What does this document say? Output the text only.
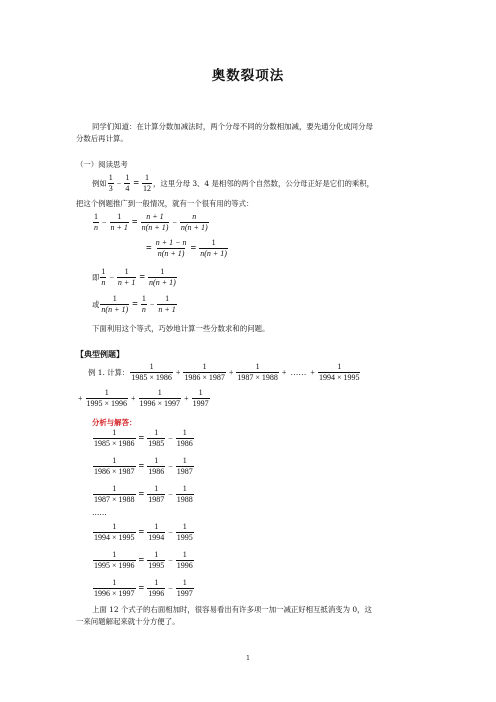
奥数裂项法
同学们知道：在计算分数加减法时，两个分母不同的分数相加减，要先通分化成同分母
分数后再计算。
（一）阅读思考
例如 $\frac{1}{3} - \frac{1}{4} = \frac{1}{12}$ ，这里分母 3、4 是相邻的两个自然数，公分母正好是它们的乘积，
把这个例题推广到一般情况，就有一个很有用的等式：
$\frac{1}{n} - \frac{1}{n + 1} = \frac{n + 1}{n(n + 1)} - \frac{n}{n(n + 1)}$
= $\frac{n + 1 - n}{n(n + 1)} = \frac{1}{n(n + 1)}$
即 $\frac{1}{n} - \frac{1}{n + 1} = \frac{1}{n(n + 1)}$
或 $\frac{1}{n(n + 1)} = \frac{1}{n} - \frac{1}{n + 1}$
下面利用这个等式，巧妙地计算一些分数求和的问题。
【典型例题】
例 1. 计算： $\frac{1}{1985 \times 1986} + \frac{1}{1986 \times 1987} + \frac{1}{1987 \times 1988}$ + …… + $\frac{1}{1994 \times 1995}$
+ $\frac{1}{1995 \times 1996} + \frac{1}{1996 \times 1997} + \frac{1}{1997}$
分析与解答：
$\frac{1}{1985 \times 1986} = \frac{1}{1985} - \frac{1}{1986}$
$\frac{1}{1986 \times 1987} = \frac{1}{1986} - \frac{1}{1987}$
$\frac{1}{1987 \times 1988} = \frac{1}{1987} - \frac{1}{1988}$
……
$\frac{1}{1994 \times 1995} = \frac{1}{1994} - \frac{1}{1995}$
$\frac{1}{1995 \times 1996} = \frac{1}{1995} - \frac{1}{1996}$
$\frac{1}{1996 \times 1997} = \frac{1}{1996} - \frac{1}{1997}$
上面 12 个式子的右面相加时，很容易看出有许多项一加一减正好相互抵消变为 0，这
一来问题解起来就十分方便了。
1
